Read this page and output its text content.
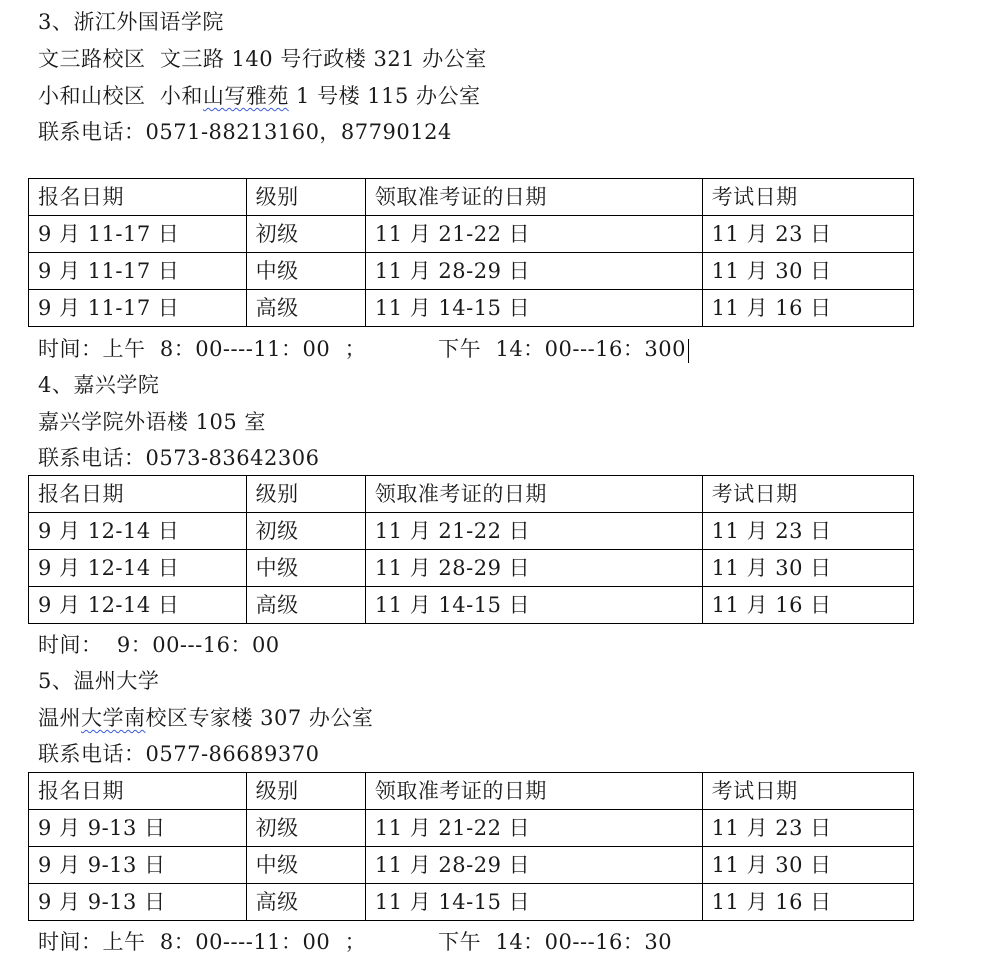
3、浙江外国语学院
文三路校区  文三路 140 号行政楼 321 办公室
小和山校区  小和山写雅苑 1 号楼 115 办公室
联系电话：0571-88213160，87790124
报名日期	级别	领取准考证的日期	考试日期
9 月 11-17 日	初级	11 月 21-22 日	11 月 23 日
9 月 11-17 日	中级	11 月 28-29 日	11 月 30 日
9 月 11-17 日	高级	11 月 14-15 日	11 月 16 日
时间：上午  8：00----11：00  ；	下午  14：00---16：300
4、嘉兴学院
嘉兴学院外语楼 105 室
联系电话：0573-83642306
报名日期	级别	领取准考证的日期	考试日期
9 月 12-14 日	初级	11 月 21-22 日	11 月 23 日
9 月 12-14 日	中级	11 月 28-29 日	11 月 30 日
9 月 12-14 日	高级	11 月 14-15 日	11 月 16 日
时间：  9：00---16：00
5、温州大学
温州大学南校区专家楼 307 办公室
联系电话：0577-86689370
报名日期	级别	领取准考证的日期	考试日期
9 月 9-13 日	初级	11 月 21-22 日	11 月 23 日
9 月 9-13 日	中级	11 月 28-29 日	11 月 30 日
9 月 9-13 日	高级	11 月 14-15 日	11 月 16 日
时间：上午  8：00----11：00  ；	下午  14：00---16：30
